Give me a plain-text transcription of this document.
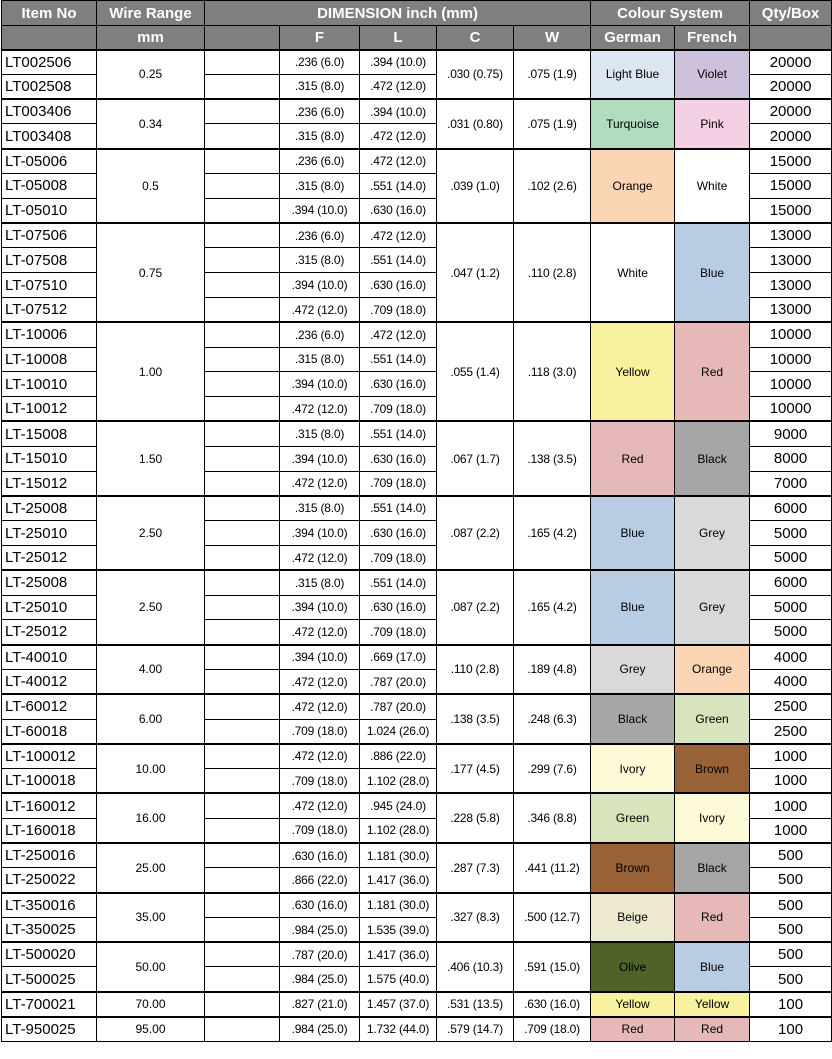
Item No	Wire Range	DIMENSION inch (mm)					Colour System		Qty/Box
	mm		F	L	C	W	German	French	
LT002506	0.25		.236 (6.0)	.394 (10.0)	.030 (0.75)	.075 (1.9)	Light Blue	Violet	20000
LT002508			.315 (8.0)	.472 (12.0)					20000
LT003406	0.34		.236 (6.0)	.394 (10.0)	.031 (0.80)	.075 (1.9)	Turquoise	Pink	20000
LT003408			.315 (8.0)	.472 (12.0)					20000
LT-05006	0.5		.236 (6.0)	.472 (12.0)	.039 (1.0)	.102 (2.6)	Orange	White	15000
LT-05008			.315 (8.0)	.551 (14.0)					15000
LT-05010			.394 (10.0)	.630 (16.0)					15000
LT-07506	0.75		.236 (6.0)	.472 (12.0)	.047 (1.2)	.110 (2.8)	White	Blue	13000
LT-07508			.315 (8.0)	.551 (14.0)					13000
LT-07510			.394 (10.0)	.630 (16.0)					13000
LT-07512			.472 (12.0)	.709 (18.0)					13000
LT-10006	1.00		.236 (6.0)	.472 (12.0)	.055 (1.4)	.118 (3.0)	Yellow	Red	10000
LT-10008			.315 (8.0)	.551 (14.0)					10000
LT-10010			.394 (10.0)	.630 (16.0)					10000
LT-10012			.472 (12.0)	.709 (18.0)					10000
LT-15008	1.50		.315 (8.0)	.551 (14.0)	.067 (1.7)	.138 (3.5)	Red	Black	9000
LT-15010			.394 (10.0)	.630 (16.0)					8000
LT-15012			.472 (12.0)	.709 (18.0)					7000
LT-25008	2.50		.315 (8.0)	.551 (14.0)	.087 (2.2)	.165 (4.2)	Blue	Grey	6000
LT-25010			.394 (10.0)	.630 (16.0)					5000
LT-25012			.472 (12.0)	.709 (18.0)					5000
LT-25008	2.50		.315 (8.0)	.551 (14.0)	.087 (2.2)	.165 (4.2)	Blue	Grey	6000
LT-25010			.394 (10.0)	.630 (16.0)					5000
LT-25012			.472 (12.0)	.709 (18.0)					5000
LT-40010	4.00		.394 (10.0)	.669 (17.0)	.110 (2.8)	.189 (4.8)	Grey	Orange	4000
LT-40012			.472 (12.0)	.787 (20.0)					4000
LT-60012	6.00		.472 (12.0)	.787 (20.0)	.138 (3.5)	.248 (6.3)	Black	Green	2500
LT-60018			.709 (18.0)	1.024 (26.0)					2500
LT-100012	10.00		.472 (12.0)	.886 (22.0)	.177 (4.5)	.299 (7.6)	Ivory	Brown	1000
LT-100018			.709 (18.0)	1.102 (28.0)					1000
LT-160012	16.00		.472 (12.0)	.945 (24.0)	.228 (5.8)	.346 (8.8)	Green	Ivory	1000
LT-160018			.709 (18.0)	1.102 (28.0)					1000
LT-250016	25.00		.630 (16.0)	1.181 (30.0)	.287 (7.3)	.441 (11.2)	Brown	Black	500
LT-250022			.866 (22.0)	1.417 (36.0)					500
LT-350016	35.00		.630 (16.0)	1.181 (30.0)	.327 (8.3)	.500 (12.7)	Beige	Red	500
LT-350025			.984 (25.0)	1.535 (39.0)					500
LT-500020	50.00		.787 (20.0)	1.417 (36.0)	.406 (10.3)	.591 (15.0)	Olive	Blue	500
LT-500025			.984 (25.0)	1.575 (40.0)					500
LT-700021	70.00		.827 (21.0)	1.457 (37.0)	.531 (13.5)	.630 (16.0)	Yellow	Yellow	100
LT-950025	95.00		.984 (25.0)	1.732 (44.0)	.579 (14.7)	.709 (18.0)	Red	Red	100
